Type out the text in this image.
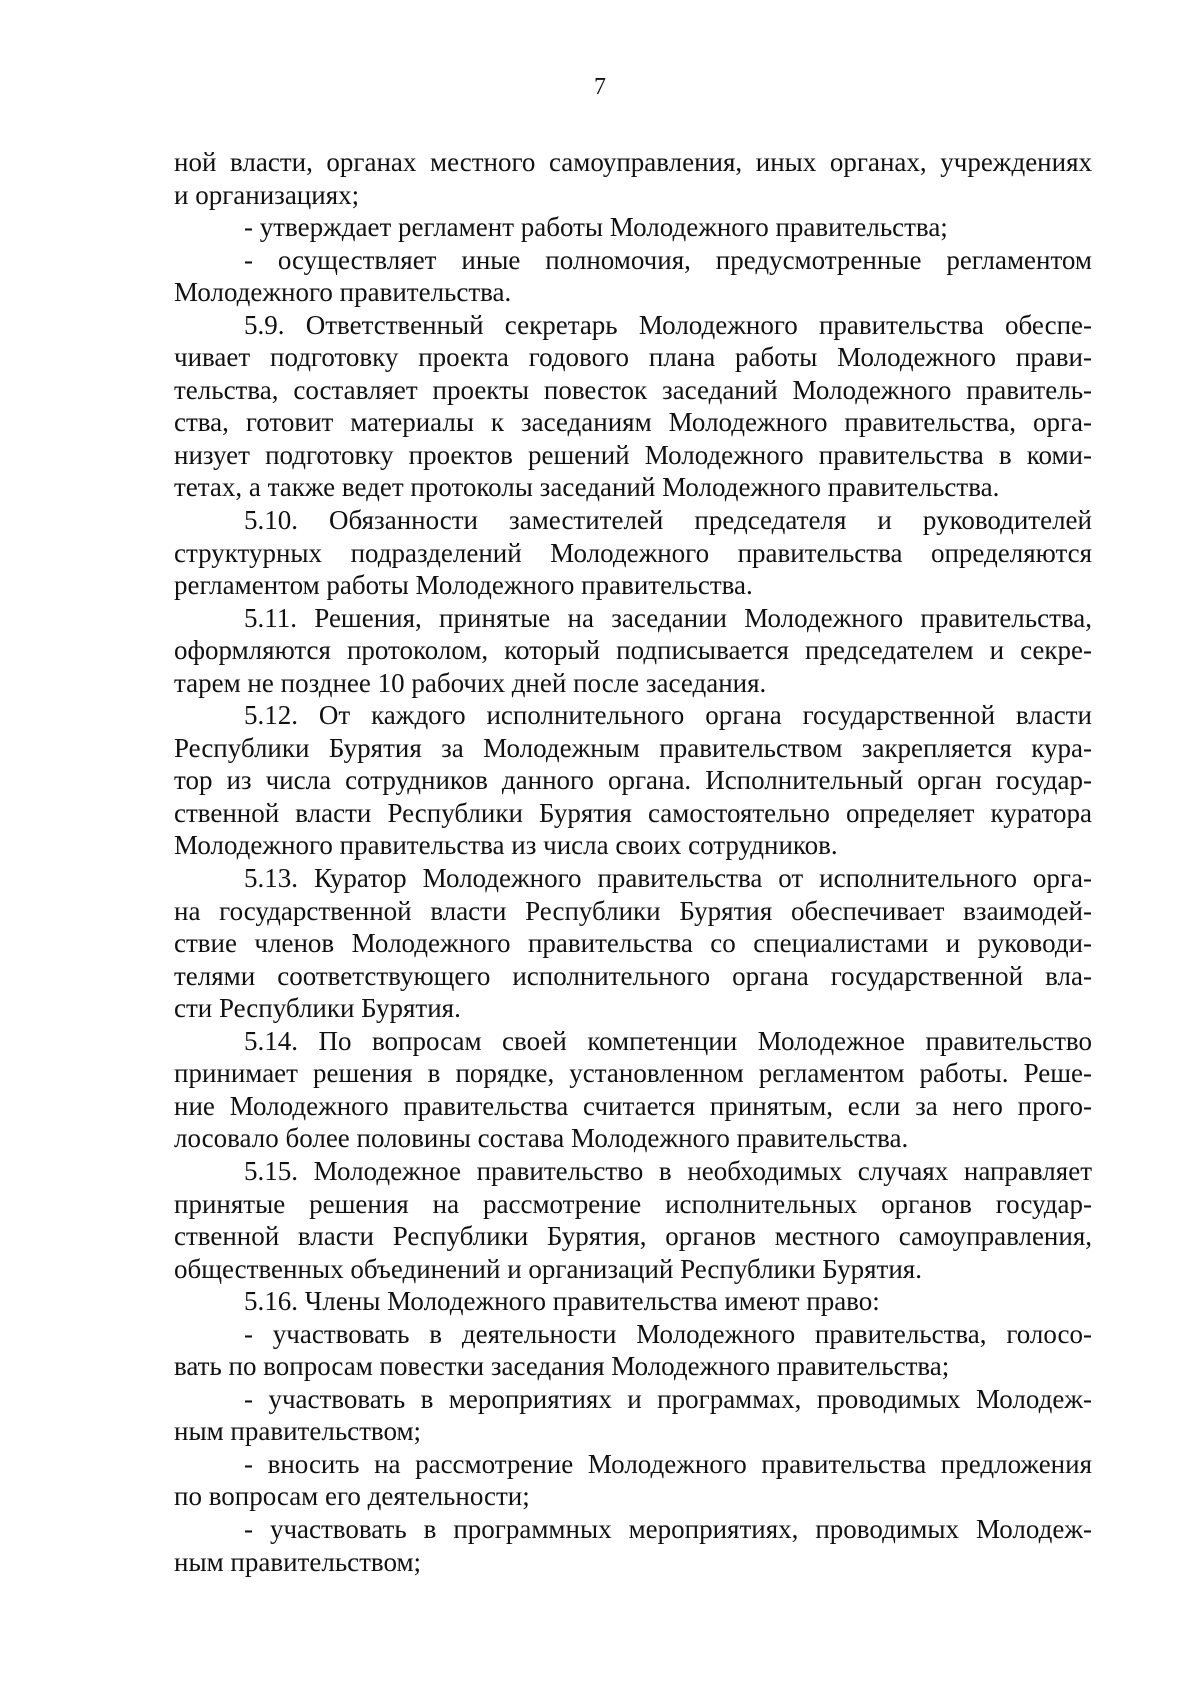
7
ной власти, органах местного самоуправления, иных органах, учреждениях
и организациях;
- утверждает регламент работы Молодежного правительства;
- осуществляет иные полномочия, предусмотренные регламентом
Молодежного правительства.
5.9. Ответственный секретарь Молодежного правительства обеспе-
чивает подготовку проекта годового плана работы Молодежного прави-
тельства, составляет проекты повесток заседаний Молодежного правитель-
ства, готовит материалы к заседаниям Молодежного правительства, орга-
низует подготовку проектов решений Молодежного правительства в коми-
тетах, а также ведет протоколы заседаний Молодежного правительства.
5.10. Обязанности заместителей председателя и руководителей
структурных подразделений Молодежного правительства определяются
регламентом работы Молодежного правительства.
5.11. Решения, принятые на заседании Молодежного правительства,
оформляются протоколом, который подписывается председателем и секре-
тарем не позднее 10 рабочих дней после заседания.
5.12. От каждого исполнительного органа государственной власти
Республики Бурятия за Молодежным правительством закрепляется кура-
тор из числа сотрудников данного органа. Исполнительный орган государ-
ственной власти Республики Бурятия самостоятельно определяет куратора
Молодежного правительства из числа своих сотрудников.
5.13. Куратор Молодежного правительства от исполнительного орга-
на государственной власти Республики Бурятия обеспечивает взаимодей-
ствие членов Молодежного правительства со специалистами и руководи-
телями соответствующего исполнительного органа государственной вла-
сти Республики Бурятия.
5.14. По вопросам своей компетенции Молодежное правительство
принимает решения в порядке, установленном регламентом работы. Реше-
ние Молодежного правительства считается принятым, если за него прого-
лосовало более половины состава Молодежного правительства.
5.15. Молодежное правительство в необходимых случаях направляет
принятые решения на рассмотрение исполнительных органов государ-
ственной власти Республики Бурятия, органов местного самоуправления,
общественных объединений и организаций Республики Бурятия.
5.16. Члены Молодежного правительства имеют право:
- участвовать в деятельности Молодежного правительства, голосо-
вать по вопросам повестки заседания Молодежного правительства;
- участвовать в мероприятиях и программах, проводимых Молодеж-
ным правительством;
- вносить на рассмотрение Молодежного правительства предложения
по вопросам его деятельности;
- участвовать в программных мероприятиях, проводимых Молодеж-
ным правительством;
